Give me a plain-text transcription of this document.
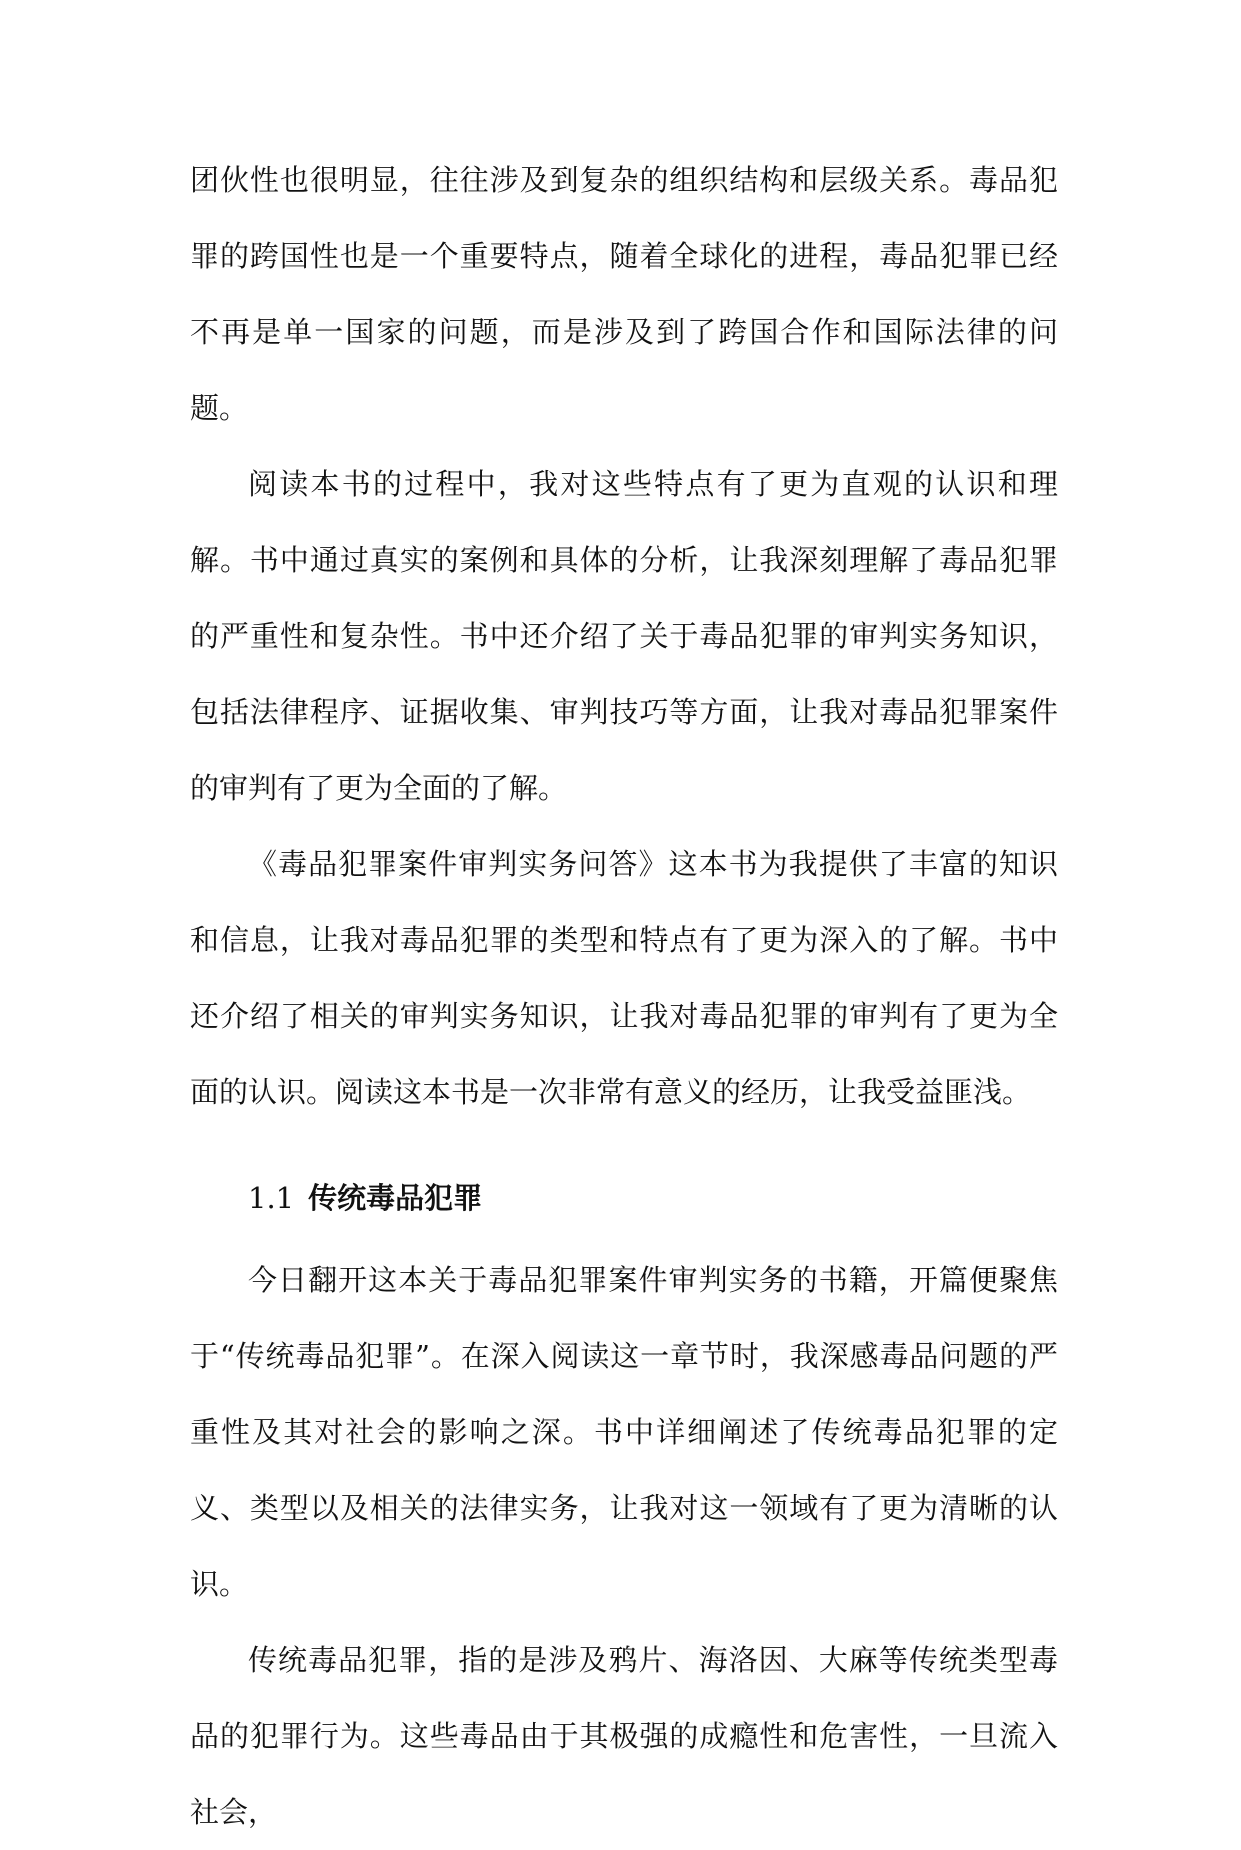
团伙性也很明显，往往涉及到复杂的组织结构和层级关系。毒品犯罪的跨国性也是一个重要特点，随着全球化的进程，毒品犯罪已经不再是单一国家的问题，而是涉及到了跨国合作和国际法律的问题。

阅读本书的过程中，我对这些特点有了更为直观的认识和理解。书中通过真实的案例和具体的分析，让我深刻理解了毒品犯罪的严重性和复杂性。书中还介绍了关于毒品犯罪的审判实务知识，包括法律程序、证据收集、审判技巧等方面，让我对毒品犯罪案件的审判有了更为全面的了解。

《毒品犯罪案件审判实务问答》这本书为我提供了丰富的知识和信息，让我对毒品犯罪的类型和特点有了更为深入的了解。书中还介绍了相关的审判实务知识，让我对毒品犯罪的审判有了更为全面的认识。阅读这本书是一次非常有意义的经历，让我受益匪浅。

1.1 传统毒品犯罪

今日翻开这本关于毒品犯罪案件审判实务的书籍，开篇便聚焦于“传统毒品犯罪”。在深入阅读这一章节时，我深感毒品问题的严重性及其对社会的影响之深。书中详细阐述了传统毒品犯罪的定义、类型以及相关的法律实务，让我对这一领域有了更为清晰的认识。

传统毒品犯罪，指的是涉及鸦片、海洛因、大麻等传统类型毒品的犯罪行为。这些毒品由于其极强的成瘾性和危害性，一旦流入社会，
